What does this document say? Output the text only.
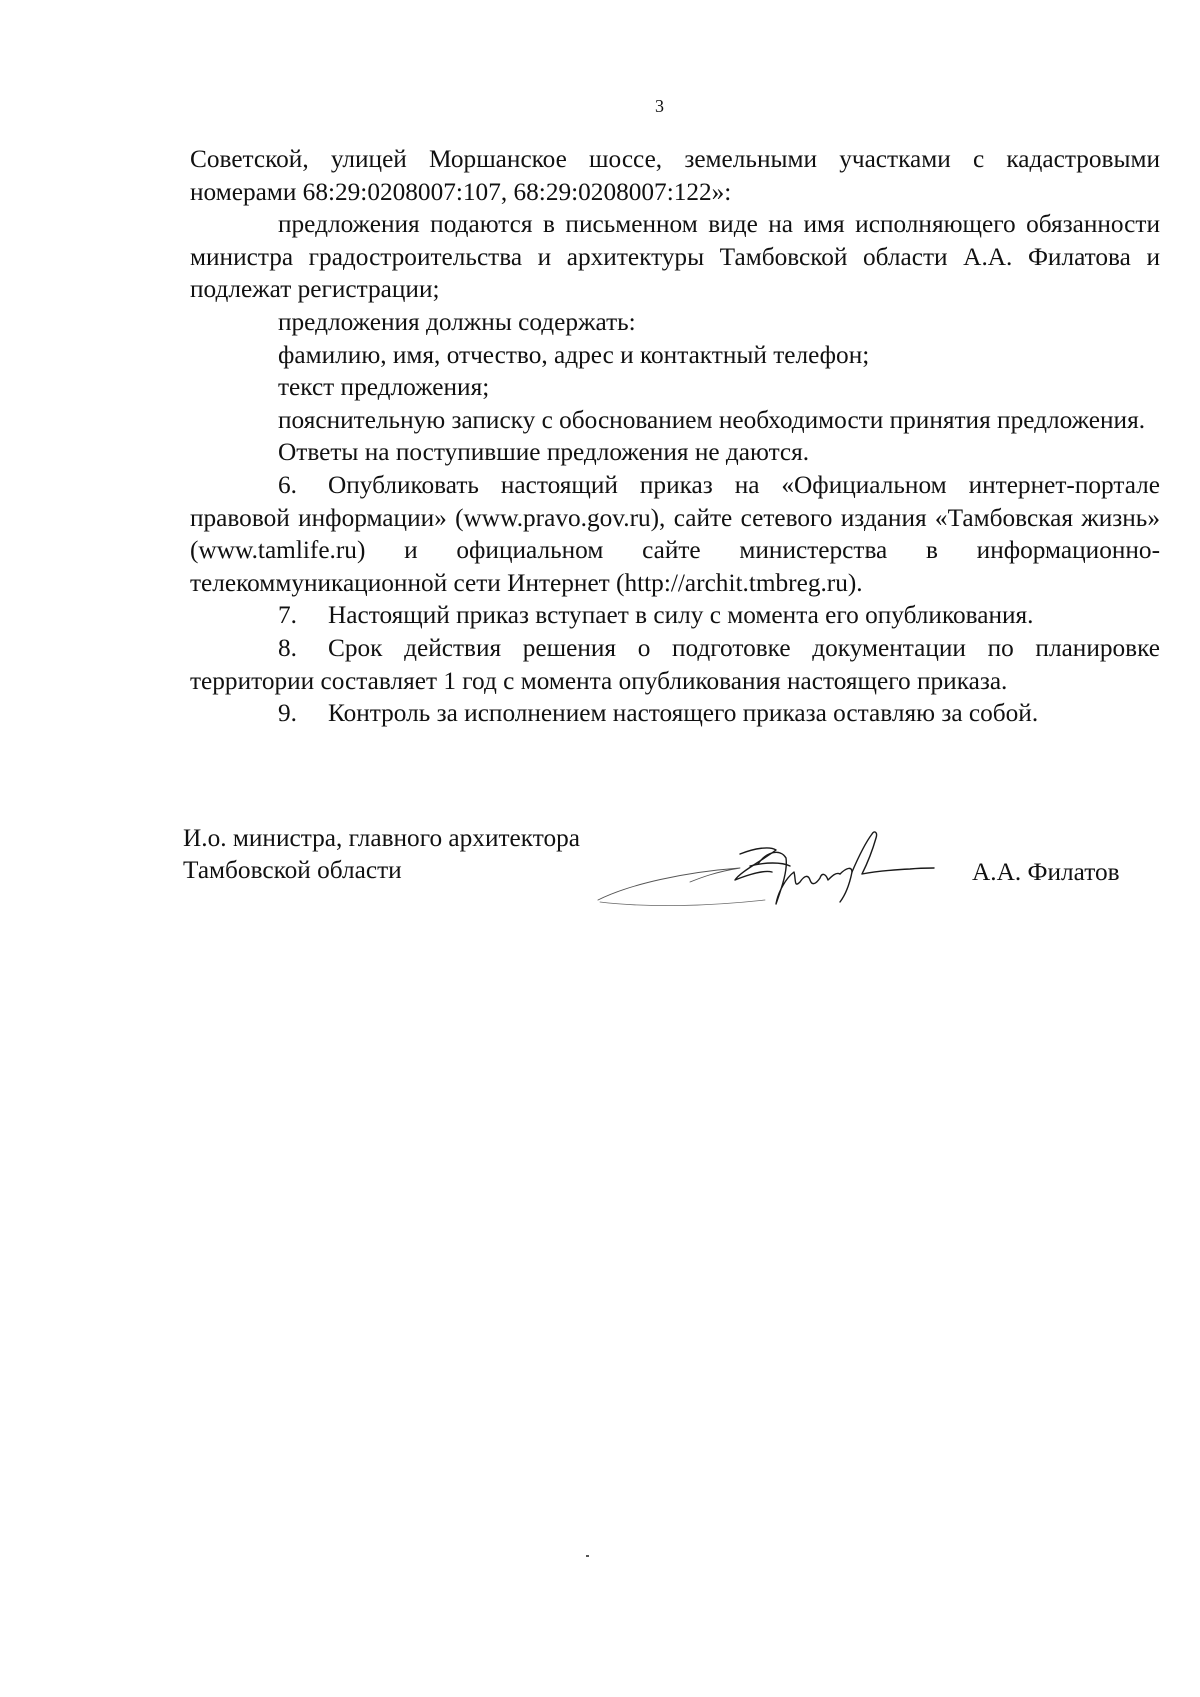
3

Советской, улицей Моршанское шоссе, земельными участками с кадастровыми номерами 68:29:0208007:107, 68:29:0208007:122»:

предложения подаются в письменном виде на имя исполняющего обязанности министра градостроительства и архитектуры Тамбовской области А.А. Филатова и подлежат регистрации;

предложения должны содержать:

фамилию, имя, отчество, адрес и контактный телефон;

текст предложения;

пояснительную записку с обоснованием необходимости принятия предложения.

Ответы на поступившие предложения не даются.

6. Опубликовать настоящий приказ на «Официальном интернет-портале правовой информации» (www.pravo.gov.ru), сайте сетевого издания «Тамбовская жизнь» (www.tamlife.ru) и официальном сайте министерства в информационно-телекоммуникационной сети Интернет (http://archit.tmbreg.ru).

7. Настоящий приказ вступает в силу с момента его опубликования.

8. Срок действия решения о подготовке документации по планировке территории составляет 1 год с момента опубликования настоящего приказа.

9. Контроль за исполнением настоящего приказа оставляю за собой.

И.о. министра, главного архитектора
Тамбовской области	А.А. Филатов
